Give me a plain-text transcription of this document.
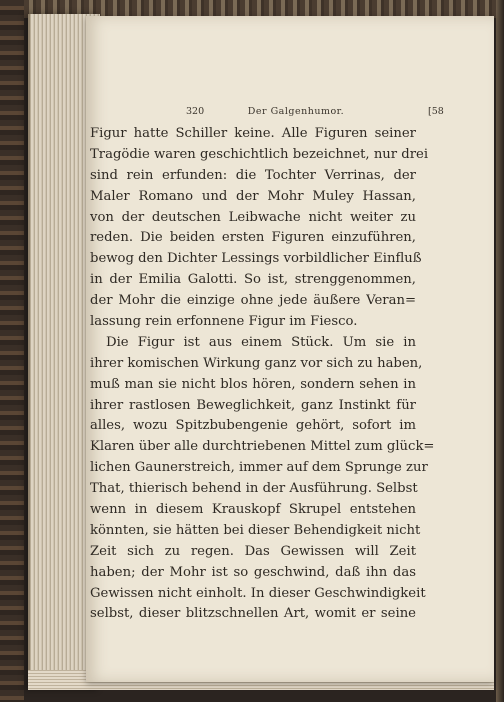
320	Der Galgenhumor.	[58
Figur hatte Schiller keine. Alle Figuren seiner
Tragödie waren geschichtlich bezeichnet, nur drei
sind rein erfunden: die Tochter Verrinas, der
Maler Romano und der Mohr Muley Hassan,
von der deutschen Leibwache nicht weiter zu
reden. Die beiden ersten Figuren einzuführen,
bewog den Dichter Lessings vorbildlicher Einfluß
in der Emilia Galotti. So ist, strenggenommen,
der Mohr die einzige ohne jede äußere Veran=
lassung rein erfonnene Figur im Fiesco.
Die Figur ist aus einem Stück. Um sie in
ihrer komischen Wirkung ganz vor sich zu haben,
muß man sie nicht blos hören, sondern sehen in
ihrer rastlosen Beweglichkeit, ganz Instinkt für
alles, wozu Spitzbubengenie gehört, sofort im
Klaren über alle durchtriebenen Mittel zum glück=
lichen Gaunerstreich, immer auf dem Sprunge zur
That, thierisch behend in der Ausführung. Selbst
wenn in diesem Krauskopf Skrupel entstehen
könnten, sie hätten bei dieser Behendigkeit nicht
Zeit sich zu regen. Das Gewissen will Zeit
haben; der Mohr ist so geschwind, daß ihn das
Gewissen nicht einholt. In dieser Geschwindigkeit
selbst, dieser blitzschnellen Art, womit er seine
